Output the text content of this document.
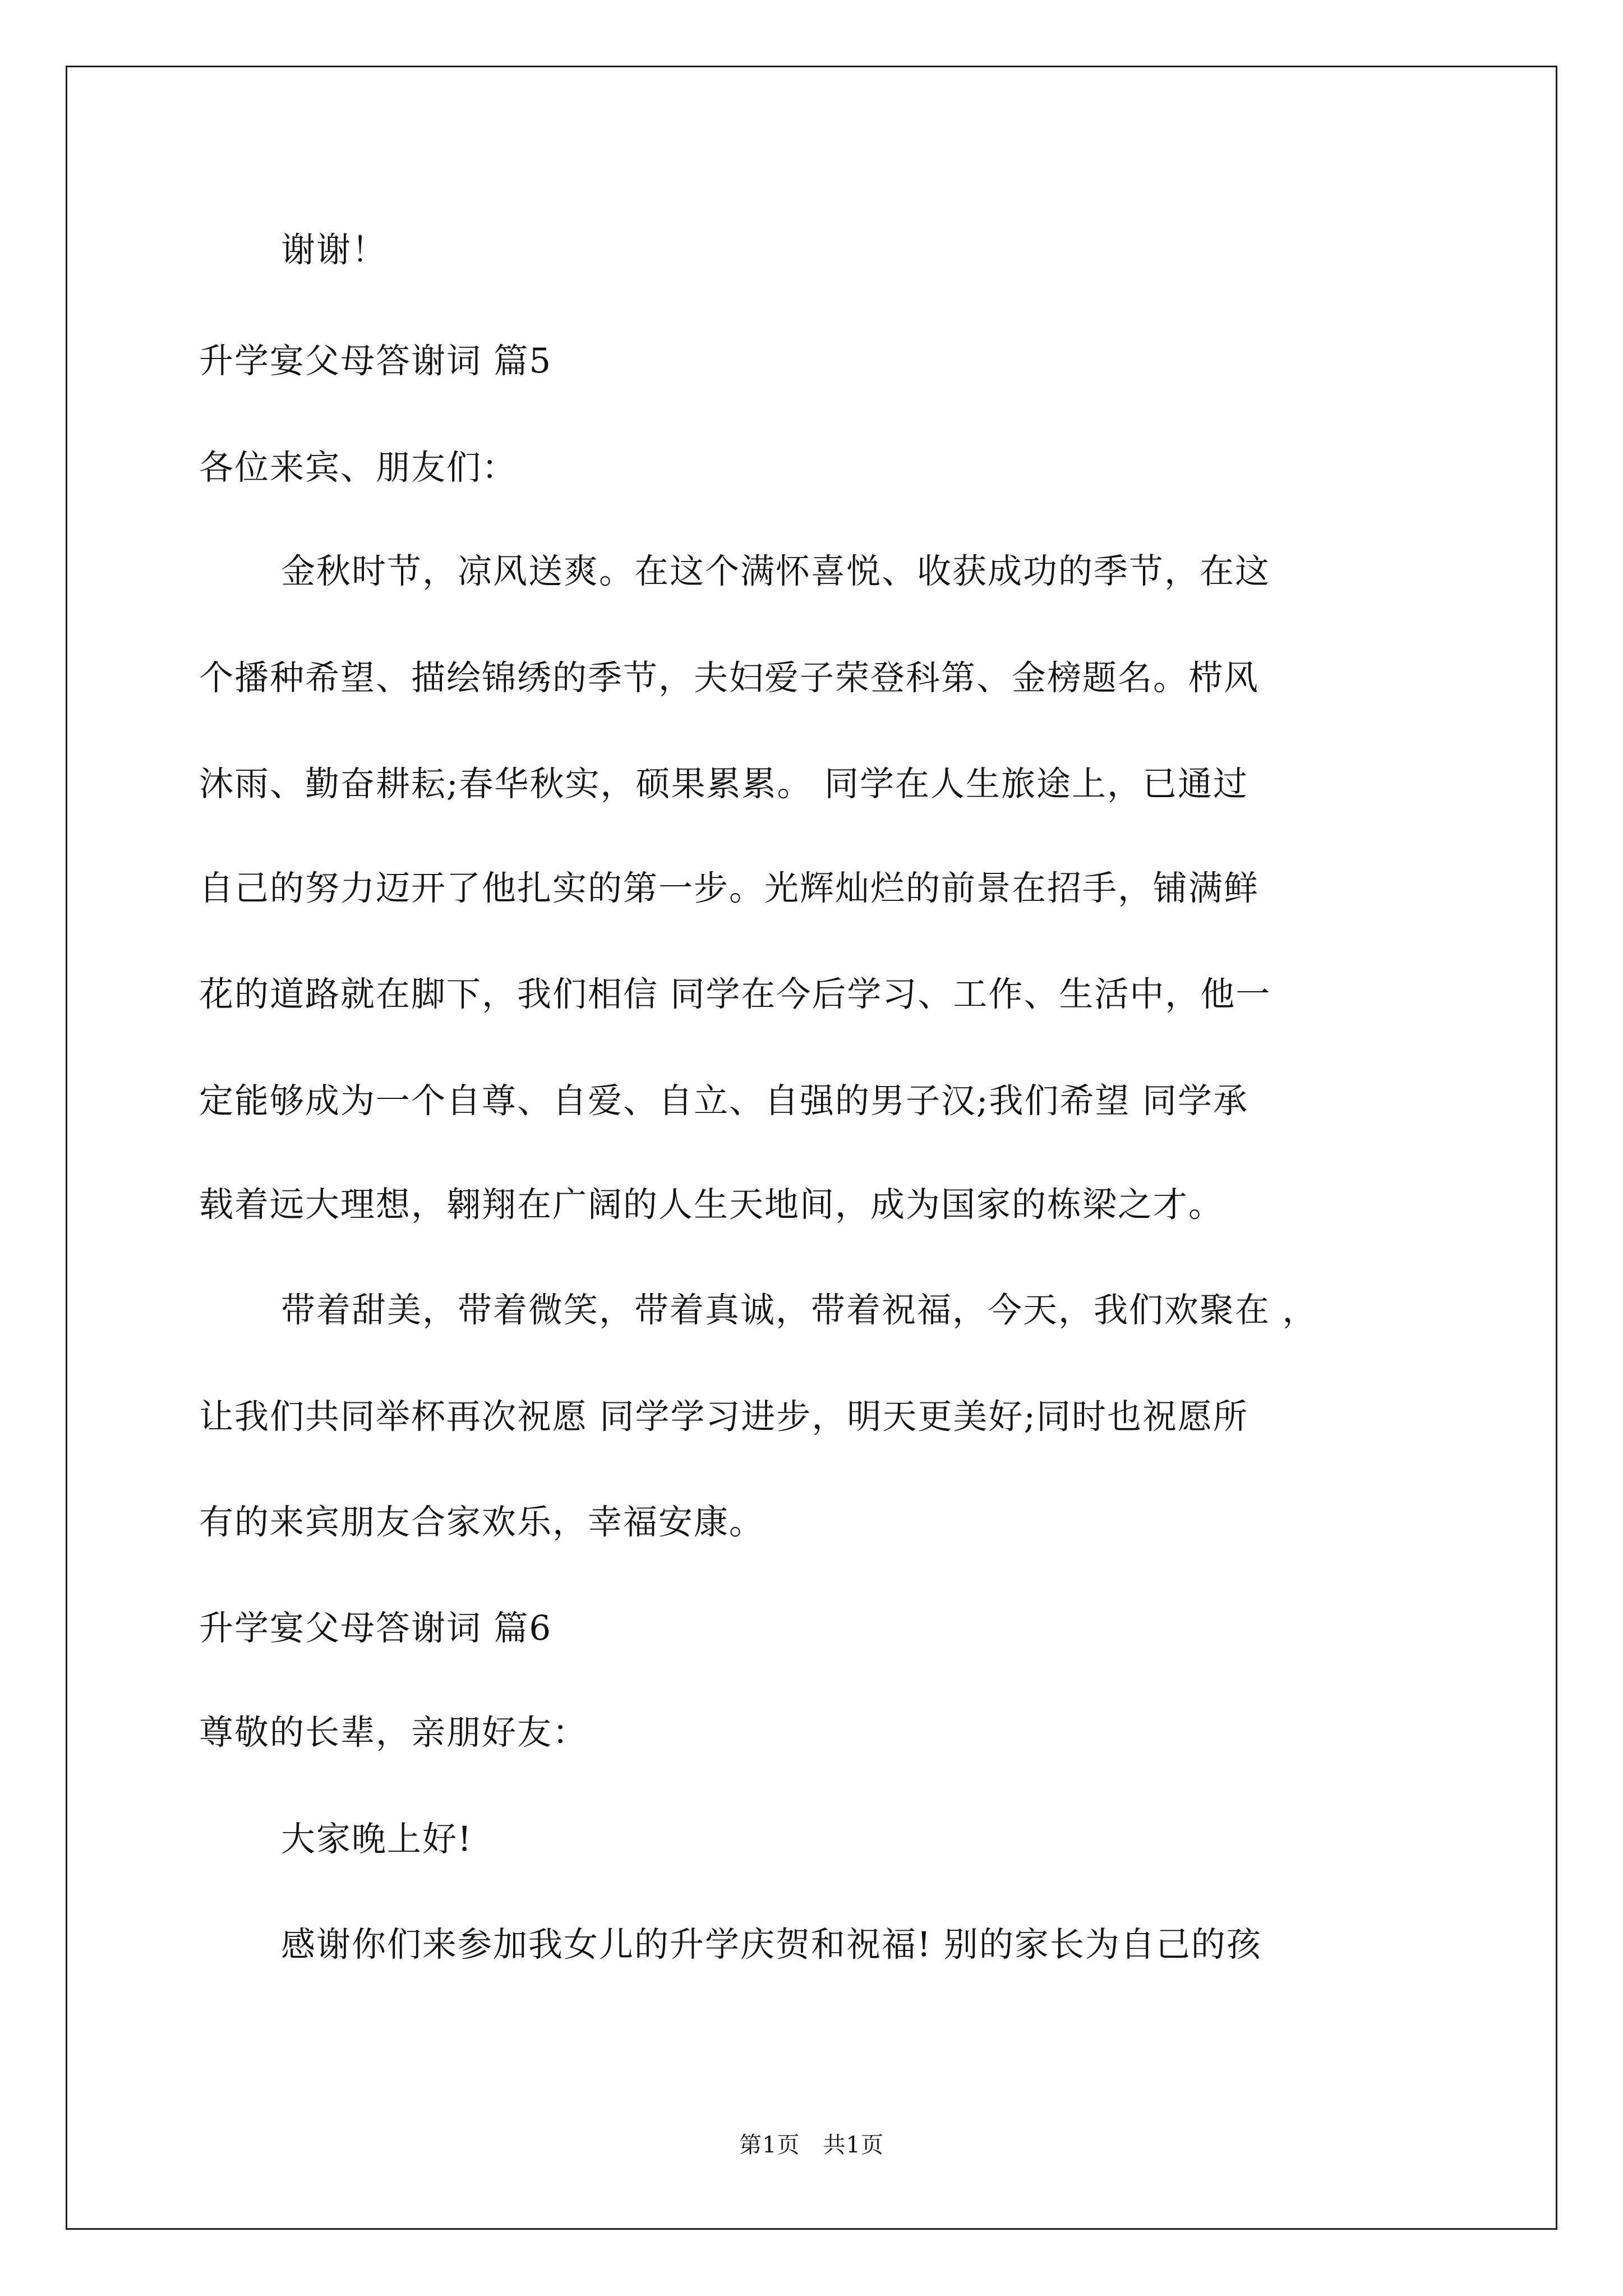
谢谢！
升学宴父母答谢词 篇5
各位来宾、朋友们：
金秋时节，凉风送爽。在这个满怀喜悦、收获成功的季节，在这
个播种希望、描绘锦绣的季节，夫妇爱子荣登科第、金榜题名。栉风
沐雨、勤奋耕耘;春华秋实，硕果累累。 同学在人生旅途上，已通过
自己的努力迈开了他扎实的第一步。光辉灿烂的前景在招手，铺满鲜
花的道路就在脚下，我们相信 同学在今后学习、工作、生活中，他一
定能够成为一个自尊、自爱、自立、自强的男子汉;我们希望 同学承
载着远大理想，翱翔在广阔的人生天地间，成为国家的栋梁之才。
带着甜美，带着微笑，带着真诚，带着祝福，今天，我们欢聚在 ，
让我们共同举杯再次祝愿 同学学习进步，明天更美好;同时也祝愿所
有的来宾朋友合家欢乐，幸福安康。
升学宴父母答谢词 篇6
尊敬的长辈，亲朋好友：
大家晚上好!
感谢你们来参加我女儿的升学庆贺和祝福! 别的家长为自己的孩
第1页　共1页
